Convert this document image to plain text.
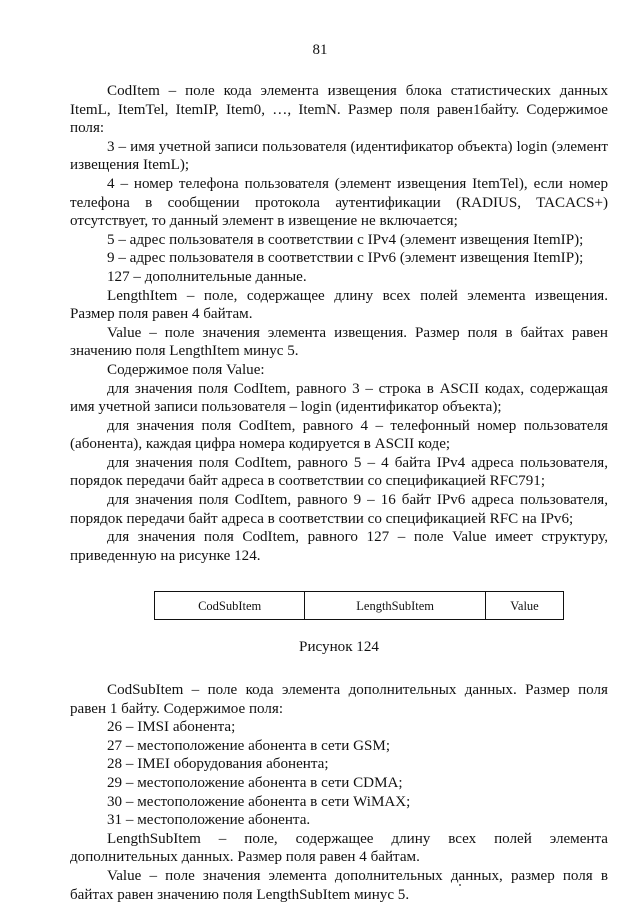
81

CodItem – поле кода элемента извещения блока статистических данных ItemL, ItemTel, ItemIP, Item0, …, ItemN. Размер поля равен1байту. Содержимое поля:

3 – имя учетной записи пользователя (идентификатор объекта) login (элемент извещения ItemL);

4 – номер телефона пользователя (элемент извещения ItemTel), если номер телефона в сообщении протокола аутентификации (RADIUS, TACACS+) отсутствует, то данный элемент в извещение не включается;

5 – адрес пользователя в соответствии с IPv4 (элемент извещения ItemIP);

9 – адрес пользователя в соответствии с IPv6 (элемент извещения ItemIP);

127 – дополнительные данные.

LengthItem – поле, содержащее длину всех полей элемента извещения. Размер поля равен 4 байтам.

Value – поле значения элемента извещения. Размер поля в байтах равен значению поля LengthItem минус 5.

Содержимое поля Value:

для значения поля CodItem, равного 3 – строка в ASCII кодах, содержащая имя учетной записи пользователя – login (идентификатор объекта);

для значения поля CodItem, равного 4 – телефонный номер пользователя (абонента), каждая цифра номера кодируется в ASCII коде;

для значения поля CodItem, равного 5 – 4 байта IPv4 адреса пользователя, порядок передачи байт адреса в соответствии со спецификацией RFC791;

для значения поля CodItem, равного 9 – 16 байт IPv6 адреса пользователя, порядок передачи байт адреса в соответствии со спецификацией RFC на IPv6;

для значения поля CodItem, равного 127 – поле Value имеет структуру, приведенную на рисунке 124.

CodSubItem	LengthSubItem	Value

Рисунок 124

CodSubItem – поле кода элемента дополнительных данных. Размер поля равен 1 байту. Содержимое поля:

26 – IMSI абонента;

27 – местоположение абонента в сети GSM;

28 – IMEI оборудования абонента;

29 – местоположение абонента в сети CDMA;

30 – местоположение абонента в сети WiMAX;

31 – местоположение абонента.

LengthSubItem – поле, содержащее длину всех полей элемента дополнительных данных. Размер поля равен 4 байтам.

Value – поле значения элемента дополнительных данных, размер поля в байтах равен значению поля LengthSubItem минус 5.
